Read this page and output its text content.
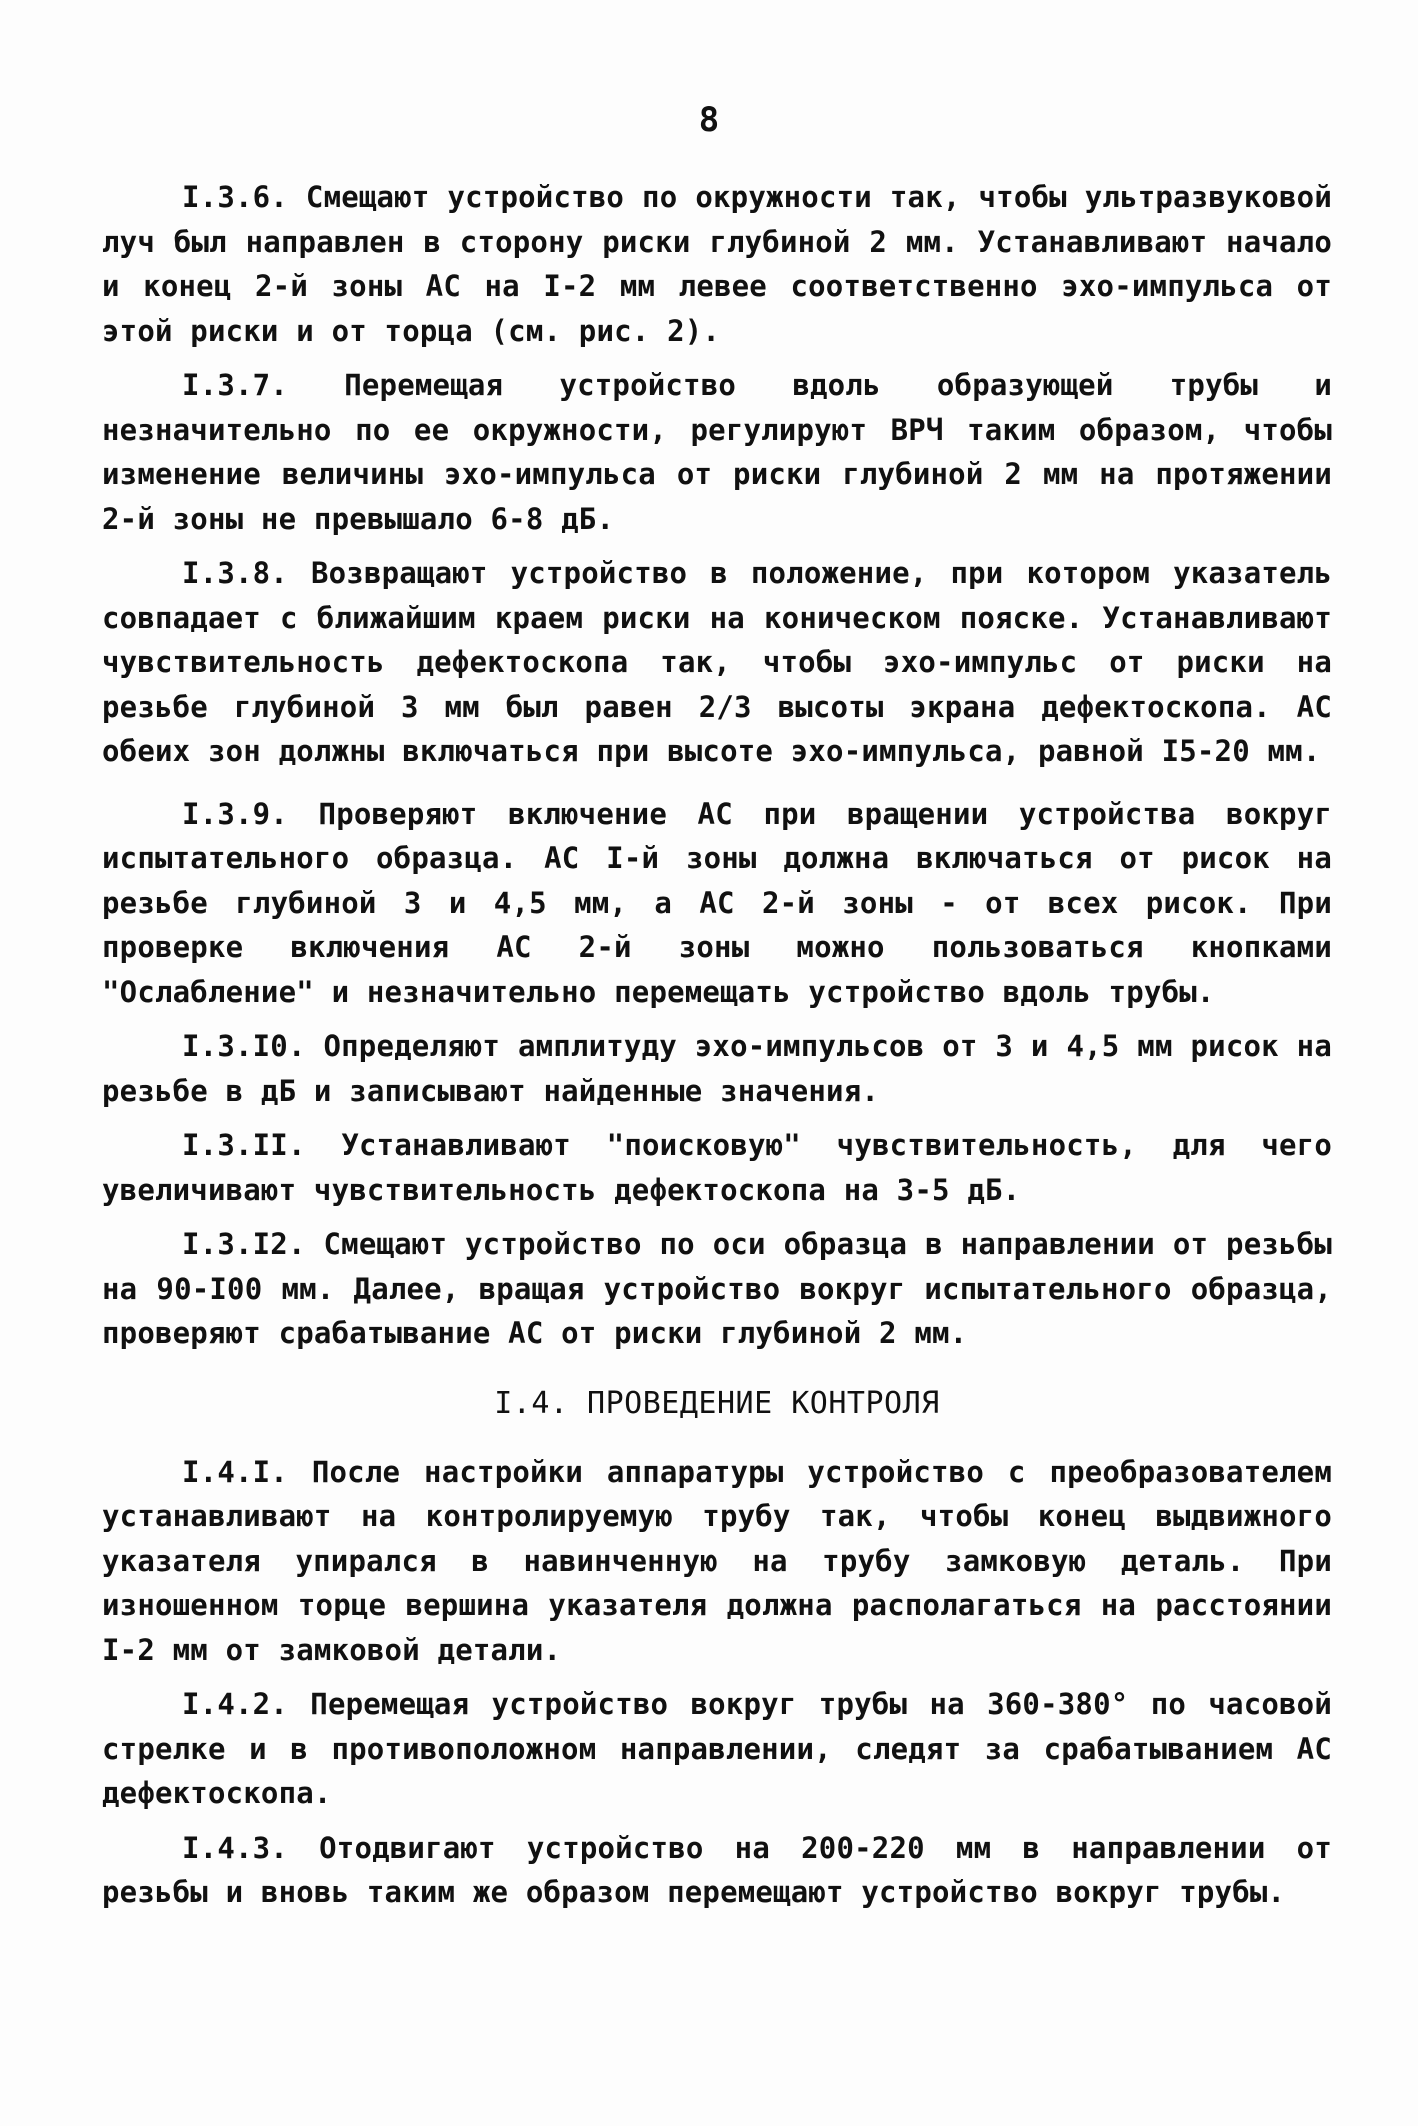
8

I.3.6. Смещают устройство по окружности так, чтобы ультразвуковой луч был направлен в сторону риски глубиной 2 мм. Устанавливают начало и конец 2-й зоны АС на I-2 мм левее соответственно эхо-импульса от этой риски и от торца (см. рис. 2).

I.3.7. Перемещая устройство вдоль образующей трубы и незначительно по ее окружности, регулируют ВРЧ таким образом, чтобы изменение величины эхо-импульса от риски глубиной 2 мм на протяжении 2-й зоны не превышало 6-8 дБ.

I.3.8. Возвращают устройство в положение, при котором указатель совпадает с ближайшим краем риски на коническом пояске. Устанавливают чувствительность дефектоскопа так, чтобы эхо-импульс от риски на резьбе глубиной 3 мм был равен 2/3 высоты экрана дефектоскопа. АС обеих зон должны включаться при высоте эхо-импульса, равной I5-20 мм.

I.3.9. Проверяют включение АС при вращении устройства вокруг испытательного образца. АС I-й зоны должна включаться от рисок на резьбе глубиной 3 и 4,5 мм, а АС 2-й зоны - от всех рисок. При проверке включения АС 2-й зоны можно пользоваться кнопками "Ослабление" и незначительно перемещать устройство вдоль трубы.

I.3.I0. Определяют амплитуду эхо-импульсов от 3 и 4,5 мм рисок на резьбе в дБ и записывают найденные значения.

I.3.II. Устанавливают "поисковую" чувствительность, для чего увеличивают чувствительность дефектоскопа на 3-5 дБ.

I.3.I2. Смещают устройство по оси образца в направлении от резьбы на 90-I00 мм. Далее, вращая устройство вокруг испытательного образца, проверяют срабатывание АС от риски глубиной 2 мм.

I.4. ПРОВЕДЕНИЕ КОНТРОЛЯ

I.4.I. После настройки аппаратуры устройство с преобразователем устанавливают на контролируемую трубу так, чтобы конец выдвижного указателя упирался в навинченную на трубу замковую деталь. При изношенном торце вершина указателя должна располагаться на расстоянии I-2 мм от замковой детали.

I.4.2. Перемещая устройство вокруг трубы на 360-380° по часовой стрелке и в противоположном направлении, следят за срабатыванием АС дефектоскопа.

I.4.3. Отодвигают устройство на 200-220 мм в направлении от резьбы и вновь таким же образом перемещают устройство вокруг трубы.
